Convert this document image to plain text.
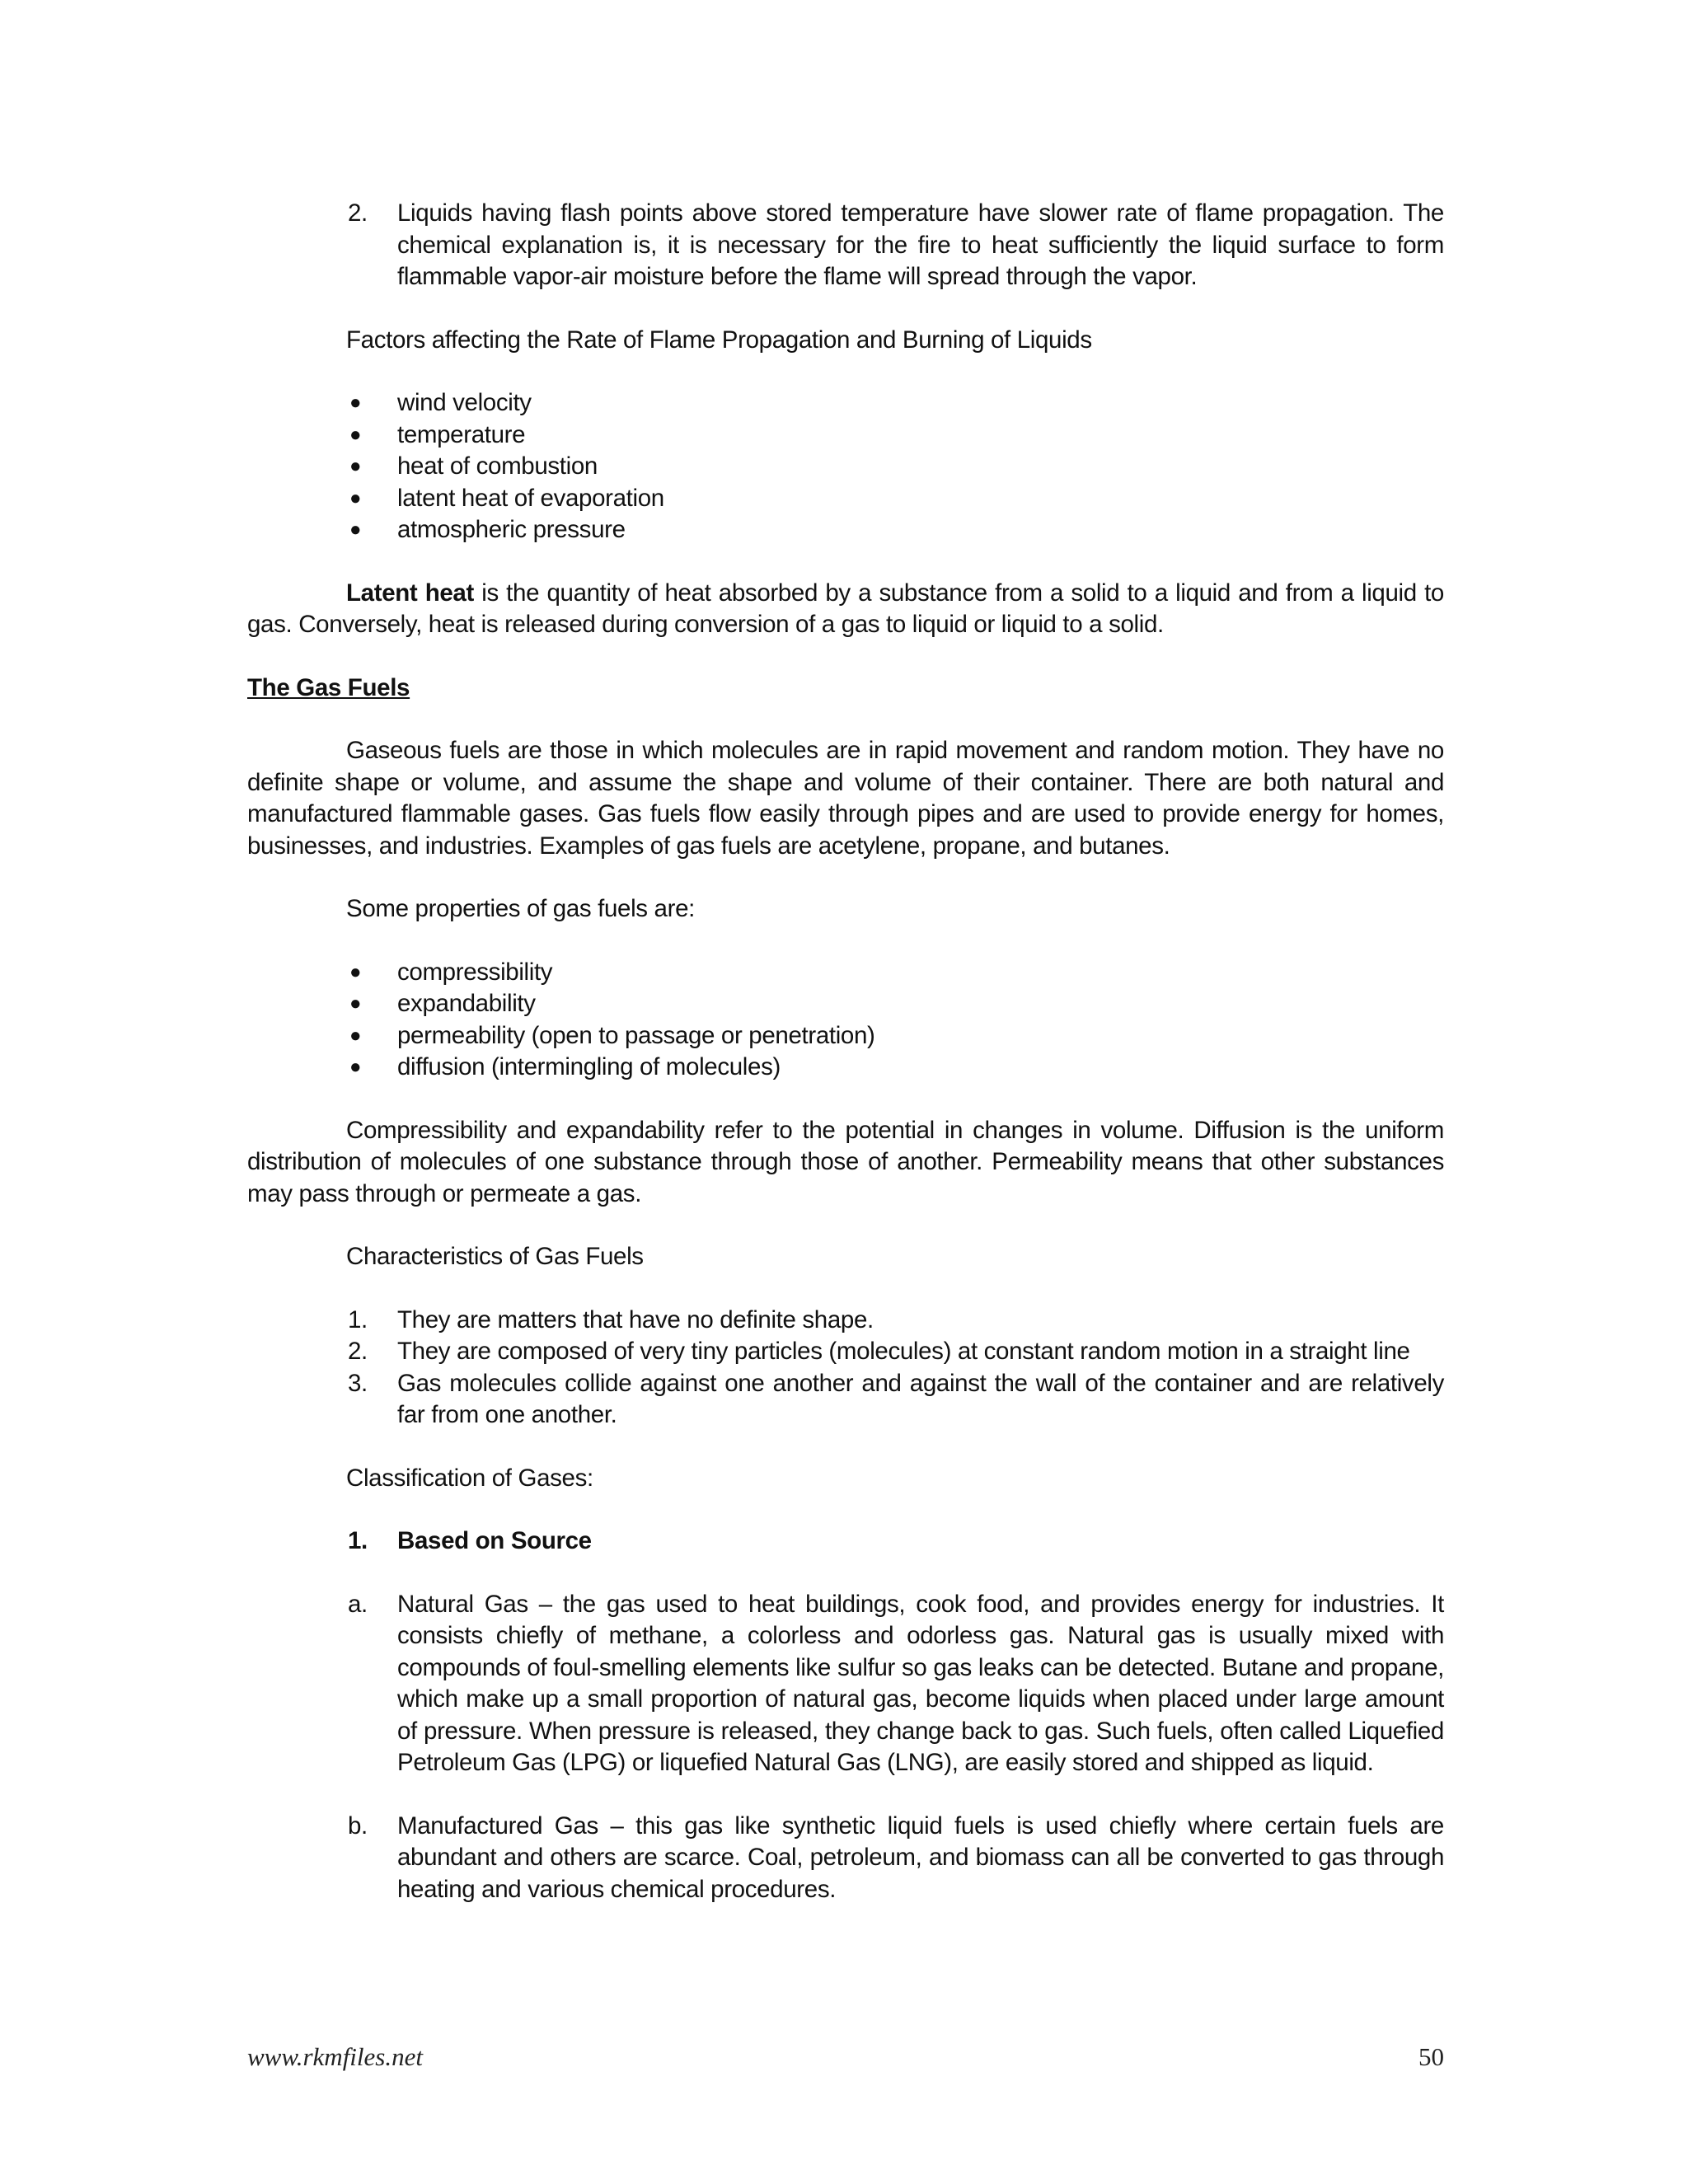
2. Liquids having flash points above stored temperature have slower rate of flame propagation. The chemical explanation is, it is necessary for the fire to heat sufficiently the liquid surface to form flammable vapor-air moisture before the flame will spread through the vapor.
Factors affecting the Rate of Flame Propagation and Burning of Liquids
● wind velocity
● temperature
● heat of combustion
● latent heat of evaporation
● atmospheric pressure

Latent heat is the quantity of heat absorbed by a substance from a solid to a liquid and from a liquid to gas. Conversely, heat is released during conversion of a gas to liquid or liquid to a solid.

The Gas Fuels

Gaseous fuels are those in which molecules are in rapid movement and random motion. They have no definite shape or volume, and assume the shape and volume of their container. There are both natural and manufactured flammable gases. Gas fuels flow easily through pipes and are used to provide energy for homes, businesses, and industries. Examples of gas fuels are acetylene, propane, and butanes.

Some properties of gas fuels are:
● compressibility
● expandability
● permeability (open to passage or penetration)
● diffusion (intermingling of molecules)

Compressibility and expandability refer to the potential in changes in volume. Diffusion is the uniform distribution of molecules of one substance through those of another. Permeability means that other substances may pass through or permeate a gas.

Characteristics of Gas Fuels
1. They are matters that have no definite shape.
2. They are composed of very tiny particles (molecules) at constant random motion in a straight line
3. Gas molecules collide against one another and against the wall of the container and are relatively far from one another.
Classification of Gases:
1. Based on Source
a. Natural Gas – the gas used to heat buildings, cook food, and provides energy for industries. It consists chiefly of methane, a colorless and odorless gas. Natural gas is usually mixed with compounds of foul-smelling elements like sulfur so gas leaks can be detected. Butane and propane, which make up a small proportion of natural gas, become liquids when placed under large amount of pressure. When pressure is released, they change back to gas. Such fuels, often called Liquefied Petroleum Gas (LPG) or liquefied Natural Gas (LNG), are easily stored and shipped as liquid.
b. Manufactured Gas – this gas like synthetic liquid fuels is used chiefly where certain fuels are abundant and others are scarce. Coal, petroleum, and biomass can all be converted to gas through heating and various chemical procedures.
www.rkmfiles.net	50
